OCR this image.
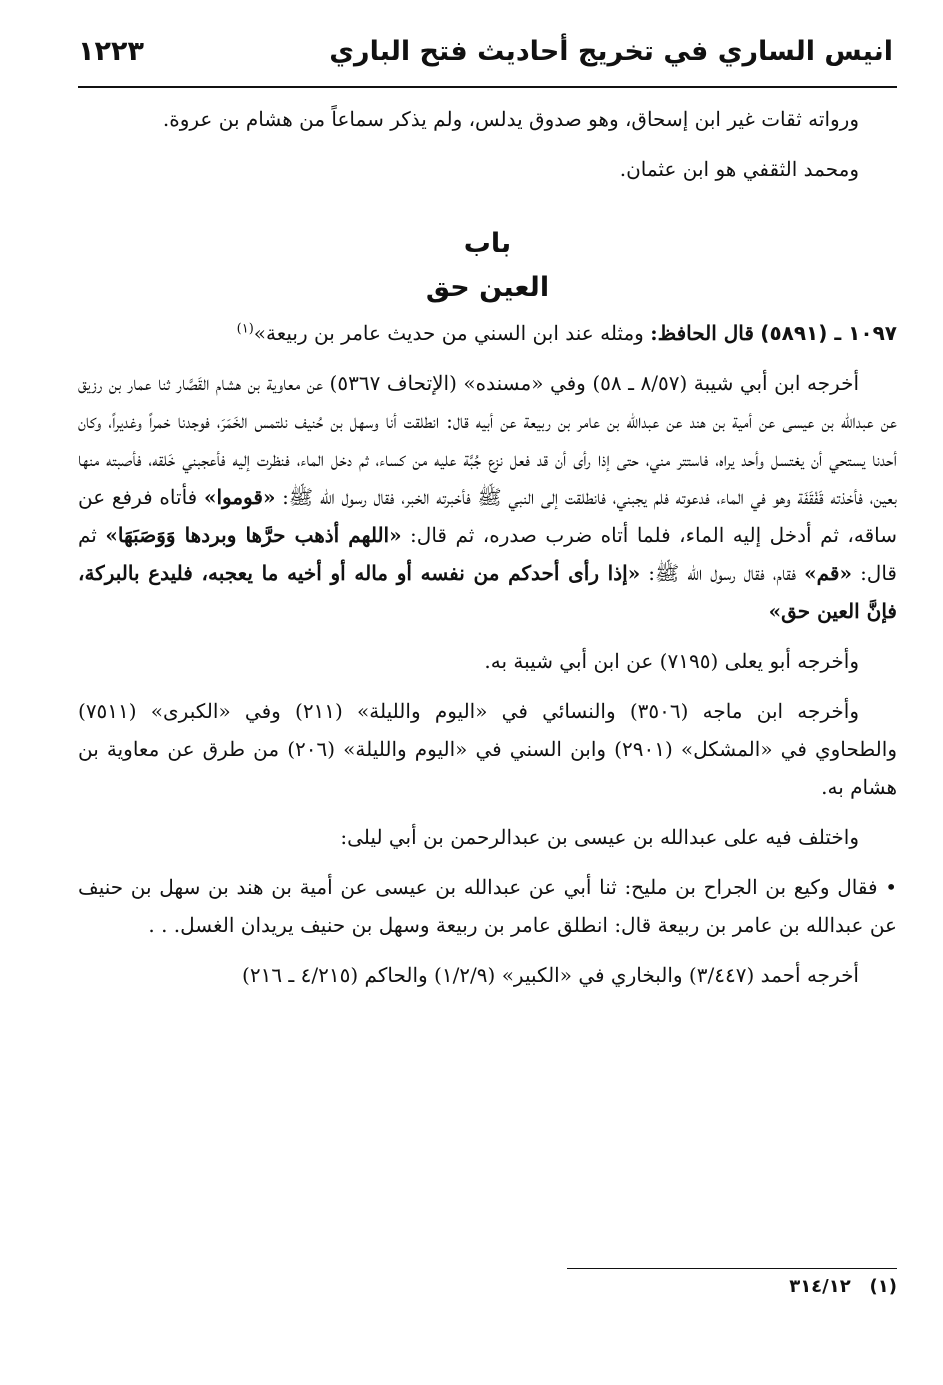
انيس الساري في تخريج أحاديث فتح الباري
١٢٢٣

ورواته ثقات غير ابن إسحاق، وهو صدوق يدلس، ولم يذكر سماعاً من هشام بن عروة.

ومحمد الثقفي هو ابن عثمان.

باب

العين حق

١٠٩٧ ـ (٥٨٩١) قال الحافظ: ومثله عند ابن السني من حديث عامر بن ربيعة»$^{(١)}$

أخرجه ابن أبي شيبة (٨/٥٧ ـ ٥٨) وفي «مسنده» (الإتحاف ٥٣٦٧) عن معاوية بن هشام القَصَّار ثنا عمار بن رزيق عن عبدالله بن عيسى عن أمية بن هند عن عبدالله بن عامر بن ربيعة عن أبيه قال: انطلقت أنا وسهل بن حُنيف نلتمس الخَمَرَ، فوجدنا خمراً وغديراً، وكان أحدنا يستحي أن يغتسل وأحد يراه، فاستتر مني، حتى إذا رأى أن قد فعل نزع جُبَّة عليه من كساء، ثم دخل الماء، فنظرت إليه فأعجبني خَلقه، فأصبته منها بعين، فأخذته قَفْقَفَة وهو في الماء، فدعوته فلم يجبني، فانطلقت إلى النبي ﷺ فأخبرته الخبر، فقال رسول الله ﷺ: «قوموا» فأتاه فرفع عن ساقه، ثم أدخل إليه الماء، فلما أتاه ضرب صدره، ثم قال: «اللهم أذهب حرَّها وبردها وَوَصَبَهَا» ثم قال: «قم» فقام، فقال رسول الله ﷺ: «إذا رأى أحدكم من نفسه أو ماله أو أخيه ما يعجبه، فليدع بالبركة، فإنَّ العين حق»

وأخرجه أبو يعلى (٧١٩٥) عن ابن أبي شيبة به.

وأخرجه ابن ماجه (٣٥٠٦) والنسائي في «اليوم والليلة» (٢١١) وفي «الكبرى» (٧٥١١) والطحاوي في «المشكل» (٢٩٠١) وابن السني في «اليوم والليلة» (٢٠٦) من طرق عن معاوية بن هشام به.

واختلف فيه على عبدالله بن عيسى بن عبدالرحمن بن أبي ليلى:

• فقال وكيع بن الجراح بن مليح: ثنا أبي عن عبدالله بن عيسى عن أمية بن هند بن سهل بن حنيف عن عبدالله بن عامر بن ربيعة قال: انطلق عامر بن ربيعة وسهل بن حنيف يريدان الغسل. . .

أخرجه أحمد (٣/٤٤٧) والبخاري في «الكبير» (١/٢/٩) والحاكم (٤/٢١٥ ـ ٢١٦)

(١)   ٣١٤/١٢
